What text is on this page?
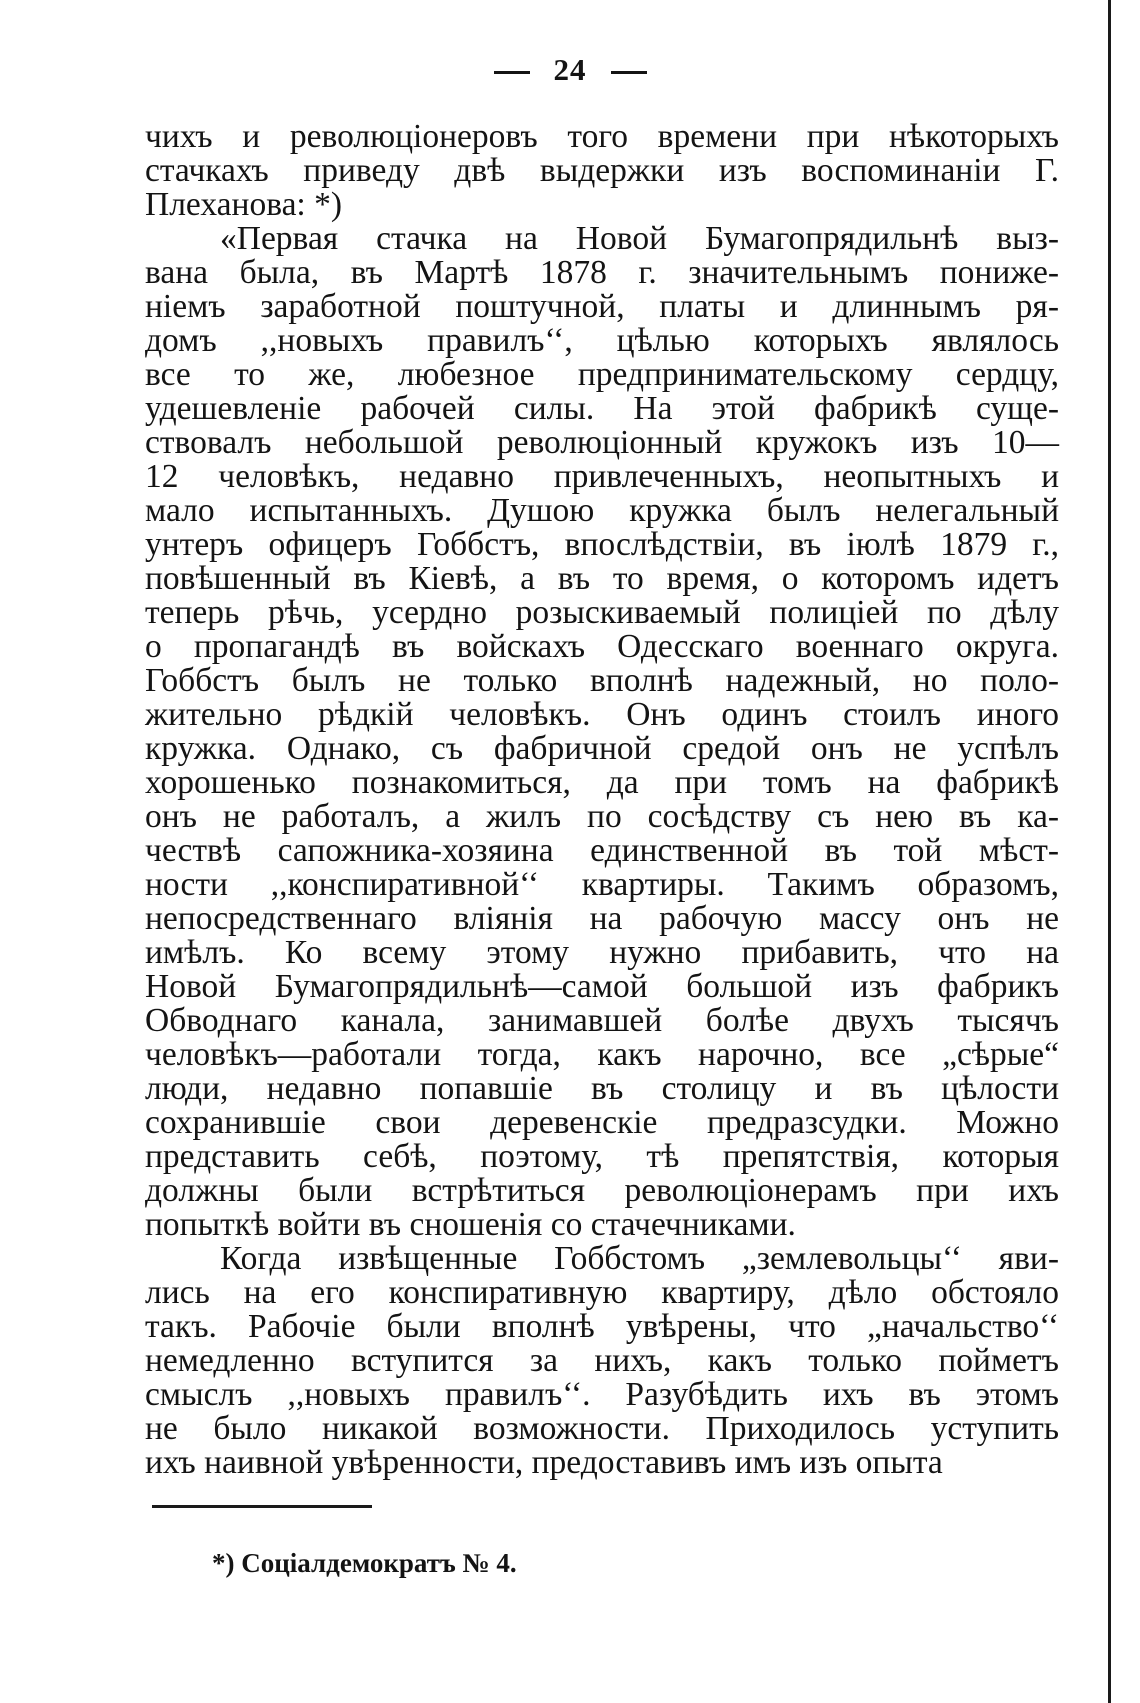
24
чихъ и революціонеровъ того времени при нѣкоторыхъ
стачкахъ приведу двѣ выдержки изъ воспоминаніи Г.
Плеханова: *)
«Первая стачка на Новой Бумагопрядильнѣ выз-
вана была, въ Мартѣ 1878 г. значительнымъ пониже-
ніемъ заработной поштучной, платы и длиннымъ ря-
домъ ,,новыхъ правилъ‘‘, цѣлью которыхъ являлось
все то же, любезное предпринимательскому сердцу,
удешевленіе рабочей силы. На этой фабрикѣ суще-
ствовалъ небольшой революціонный кружокъ изъ 10—
12 человѣкъ, недавно привлеченныхъ, неопытныхъ и
мало испытанныхъ. Душою кружка былъ нелегальный
унтеръ офицеръ Гоббстъ, впослѣдствіи, въ іюлѣ 1879 г.,
повѣшенный въ Кіевѣ, а въ то время, о которомъ идетъ
теперь рѣчь, усердно розыскиваемый полиціей по дѣлу
о пропагандѣ въ войскахъ Одесскаго военнаго округа.
Гоббстъ былъ не только вполнѣ надежный, но поло-
жительно рѣдкій человѣкъ. Онъ одинъ стоилъ иного
кружка. Однако, съ фабричной средой онъ не успѣлъ
хорошенько познакомиться, да при томъ на фабрикѣ
онъ не работалъ, а жилъ по сосѣдству съ нею въ ка-
чествѣ сапожника-хозяина единственной въ той мѣст-
ности ,,конспиративной‘‘ квартиры. Такимъ образомъ,
непосредственнаго вліянія на рабочую массу онъ не
имѣлъ. Ко всему этому нужно прибавить, что на
Новой Бумагопрядильнѣ—самой большой изъ фабрикъ
Обводнаго канала, занимавшей болѣе двухъ тысячъ
человѣкъ—работали тогда, какъ нарочно, все „сѣрые“
люди, недавно попавшіе въ столицу и въ цѣлости
сохранившіе свои деревенскіе предразсудки. Можно
представить себѣ, поэтому, тѣ препятствія, которыя
должны были встрѣтиться революціонерамъ при ихъ
попыткѣ войти въ сношенія со стачечниками.
Когда извѣщенные Гоббстомъ „землевольцы‘‘ яви-
лись на его конспиративную квартиру, дѣло обстояло
такъ. Рабочіе были вполнѣ увѣрены, что „начальство‘‘
немедленно вступится за нихъ, какъ только пойметъ
смыслъ ,,новыхъ правилъ‘‘. Разубѣдить ихъ въ этомъ
не было никакой возможности. Приходилось уступить
ихъ наивной увѣренности, предоставивъ имъ изъ опыта
*) Соціалдемократъ № 4.
